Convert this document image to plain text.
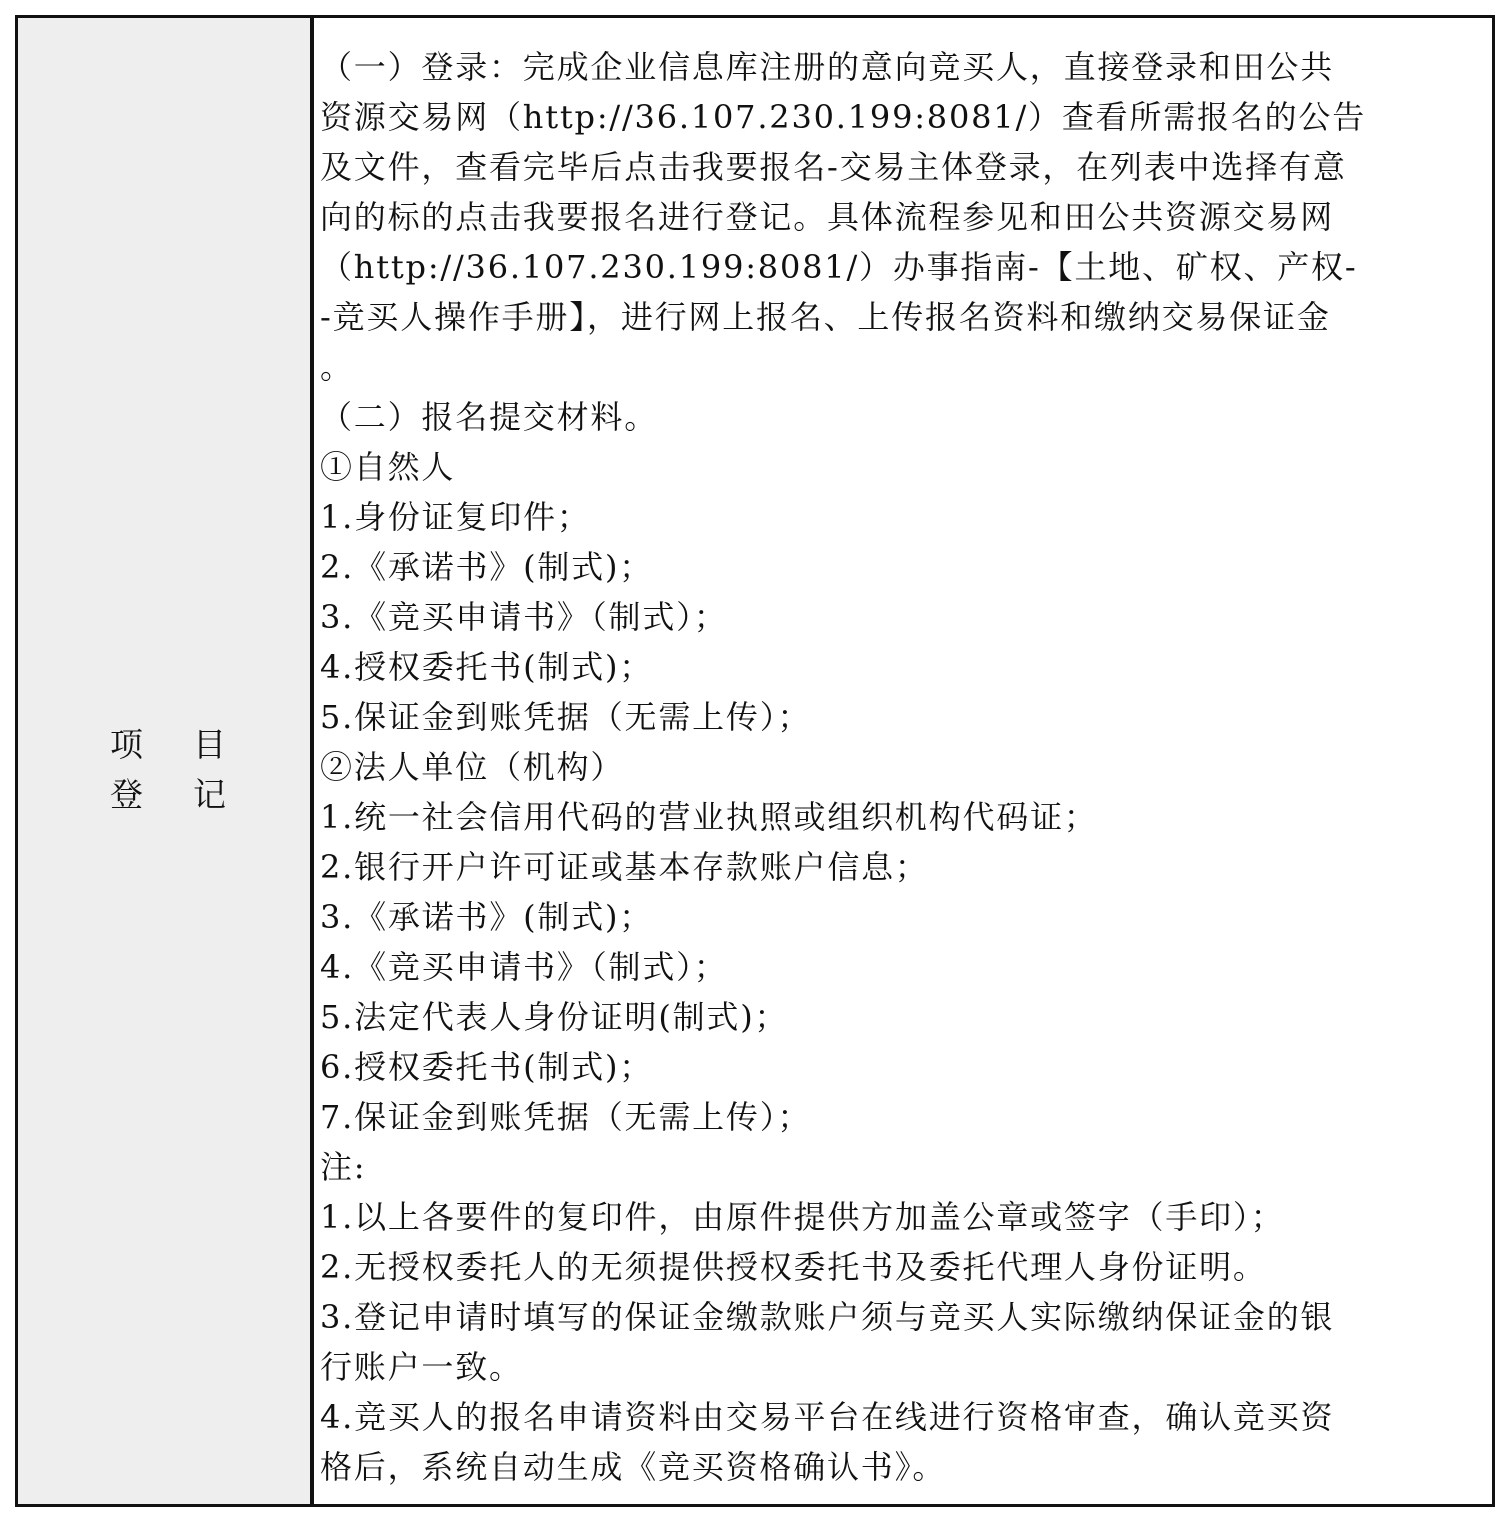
项 目
登 记
（一）登录：完成企业信息库注册的意向竞买人，直接登录和田公共
资源交易网（http://36.107.230.199:8081/）查看所需报名的公告
及文件，查看完毕后点击我要报名-交易主体登录，在列表中选择有意
向的标的点击我要报名进行登记。具体流程参见和田公共资源交易网
（http://36.107.230.199:8081/）办事指南-【土地、矿权、产权-
-竞买人操作手册】，进行网上报名、上传报名资料和缴纳交易保证金
。
（二）报名提交材料。
①自然人
1.身份证复印件；
2.《承诺书》(制式)；
3.《竞买申请书》（制式）；
4.授权委托书(制式)；
5.保证金到账凭据（无需上传）；
②法人单位（机构）
1.统一社会信用代码的营业执照或组织机构代码证；
2.银行开户许可证或基本存款账户信息；
3.《承诺书》(制式)；
4.《竞买申请书》（制式）；
5.法定代表人身份证明(制式)；
6.授权委托书(制式)；
7.保证金到账凭据（无需上传）；
注:
1.以上各要件的复印件，由原件提供方加盖公章或签字（手印）；
2.无授权委托人的无须提供授权委托书及委托代理人身份证明。
3.登记申请时填写的保证金缴款账户须与竞买人实际缴纳保证金的银
行账户一致。
4.竞买人的报名申请资料由交易平台在线进行资格审查，确认竞买资
格后，系统自动生成《竞买资格确认书》。
